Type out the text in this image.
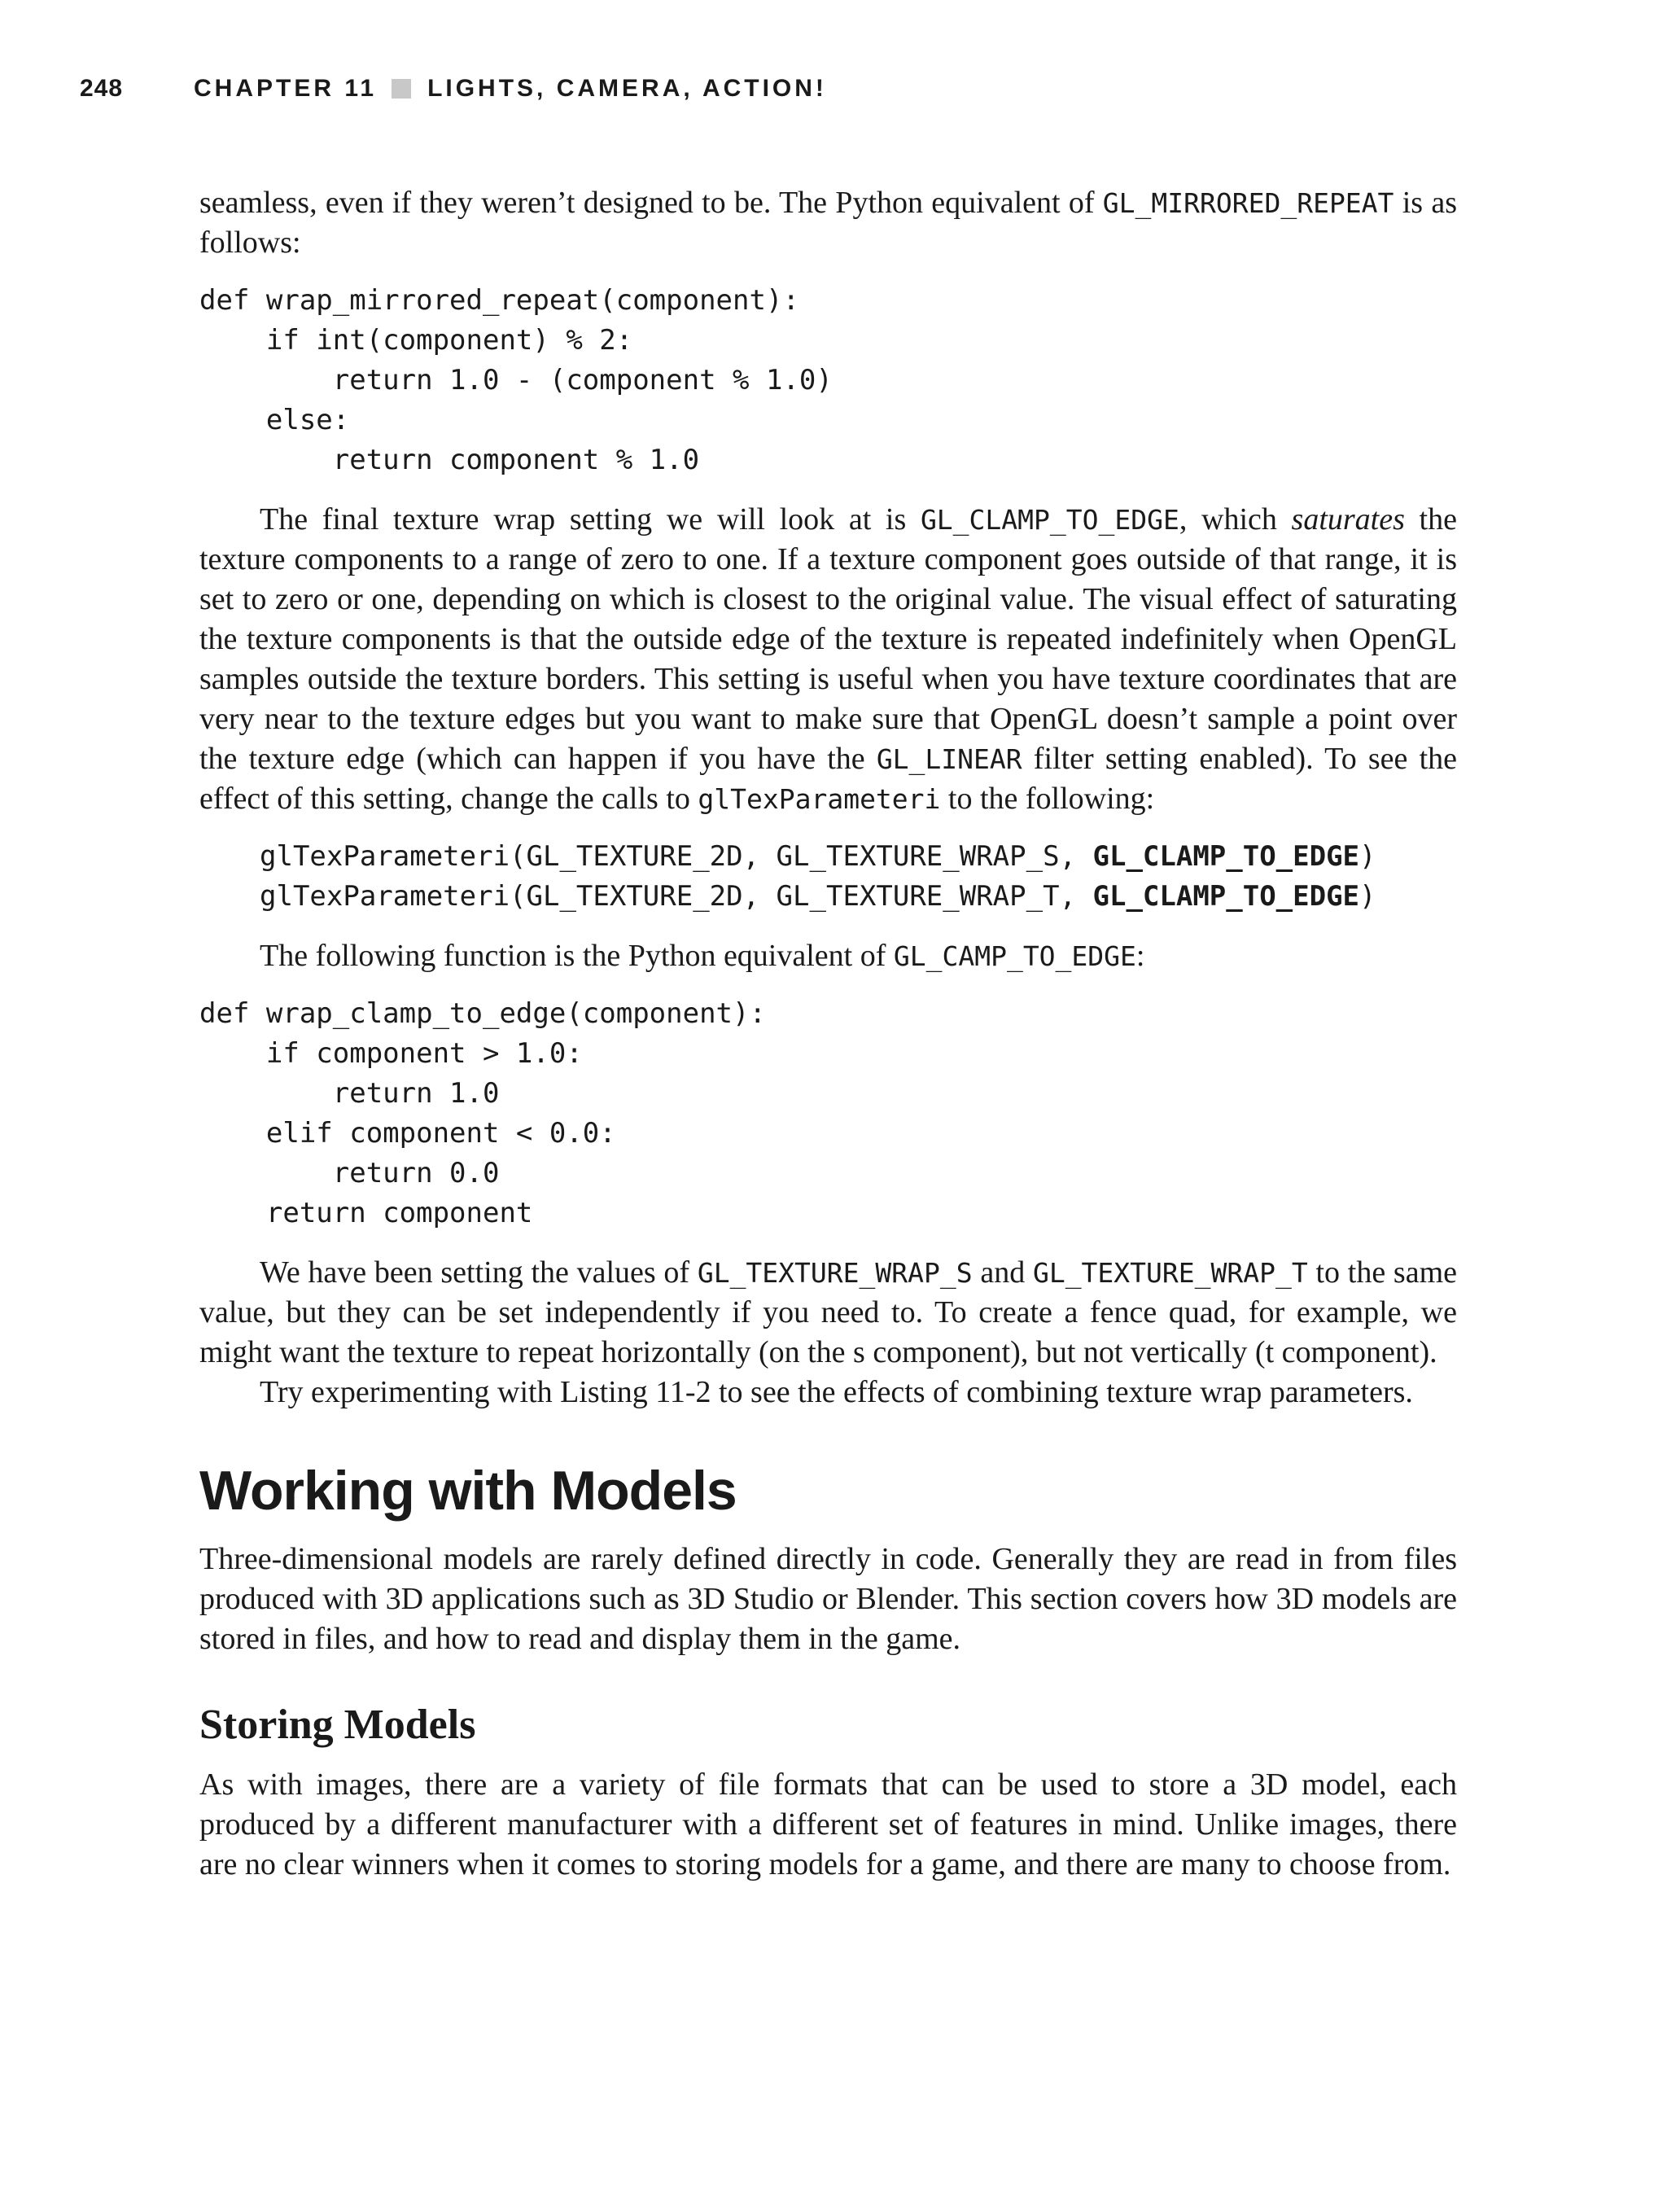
248	CHAPTER 11 LIGHTS, CAMERA, ACTION!

seamless, even if they weren’t designed to be. The Python equivalent of GL_MIRRORED_REPEAT is as follows:

def wrap_mirrored_repeat(component):
if int(component) % 2:
return 1.0 - (component % 1.0)
else:
return component % 1.0

The final texture wrap setting we will look at is GL_CLAMP_TO_EDGE, which saturates the texture components to a range of zero to one. If a texture component goes outside of that range, it is set to zero or one, depending on which is closest to the original value. The visual effect of saturating the texture components is that the outside edge of the texture is repeated indefinitely when OpenGL samples outside the texture borders. This setting is useful when you have texture coordinates that are very near to the texture edges but you want to make sure that OpenGL doesn’t sample a point over the texture edge (which can happen if you have the GL_LINEAR filter setting enabled). To see the effect of this setting, change the calls to glTexParameteri to the following:

glTexParameteri(GL_TEXTURE_2D, GL_TEXTURE_WRAP_S, GL_CLAMP_TO_EDGE)
glTexParameteri(GL_TEXTURE_2D, GL_TEXTURE_WRAP_T, GL_CLAMP_TO_EDGE)

The following function is the Python equivalent of GL_CAMP_TO_EDGE:

def wrap_clamp_to_edge(component):
if component > 1.0:
return 1.0
elif component < 0.0:
return 0.0
return component

We have been setting the values of GL_TEXTURE_WRAP_S and GL_TEXTURE_WRAP_T to the same value, but they can be set independently if you need to. To create a fence quad, for example, we might want the texture to repeat horizontally (on the s component), but not vertically (t component).

Try experimenting with Listing 11-2 to see the effects of combining texture wrap parameters.

Working with Models

Three-dimensional models are rarely defined directly in code. Generally they are read in from files produced with 3D applications such as 3D Studio or Blender. This section covers how 3D models are stored in files, and how to read and display them in the game.

Storing Models

As with images, there are a variety of file formats that can be used to store a 3D model, each produced by a different manufacturer with a different set of features in mind. Unlike images, there are no clear winners when it comes to storing models for a game, and there are many to choose from.
